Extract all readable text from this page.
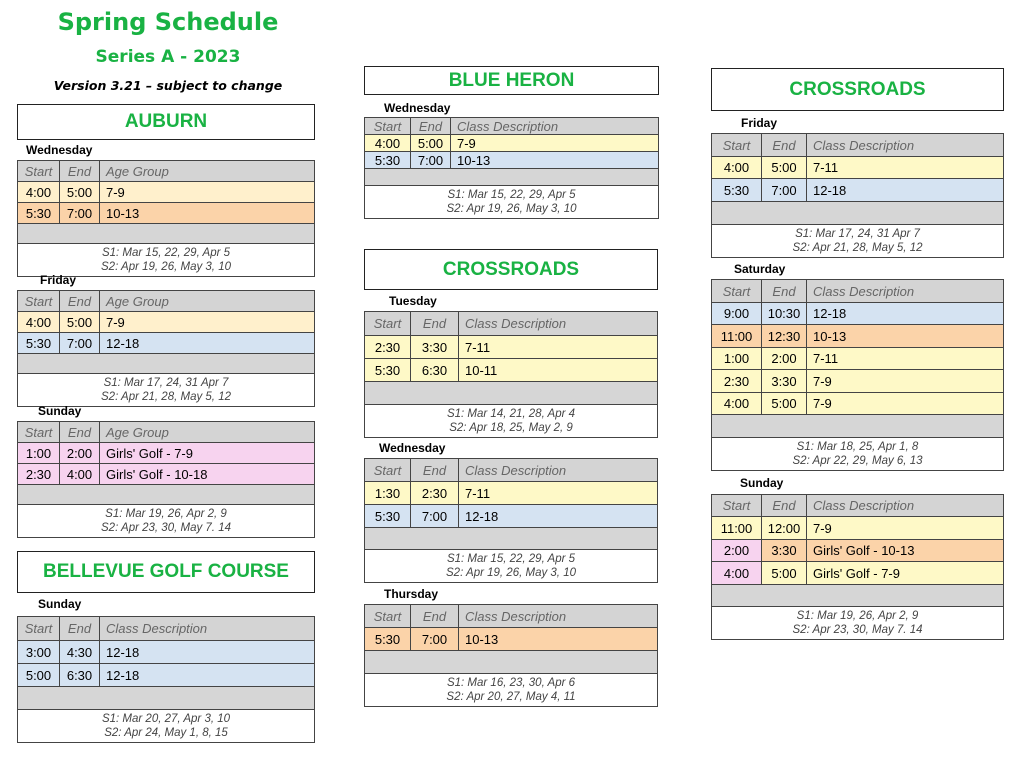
Spring Schedule
Series A - 2023
Version 3.21 – subject to change
AUBURN
Wednesday
Start	End	Age Group
4:00	5:00	7-9
5:30	7:00	10-13

S1: Mar 15, 22, 29, Apr 5
S2: Apr 19, 26, May 3, 10		
Friday
Start	End	Age Group
4:00	5:00	7-9
5:30	7:00	12-18

S1: Mar 17, 24, 31 Apr 7
S2: Apr 21, 28, May 5, 12		
Sunday
Start	End	Age Group
1:00	2:00	Girls' Golf - 7-9
2:30	4:00	Girls' Golf - 10-18

S1: Mar 19, 26, Apr 2, 9
S2: Apr 23, 30, May 7. 14		
BELLEVUE GOLF COURSE
Sunday
Start	End	Class Description
3:00	4:30	12-18
5:00	6:30	12-18

S1: Mar 20, 27, Apr 3, 10
S2: Apr 24, May 1, 8, 15		
BLUE HERON
Wednesday
Start	End	Class Description
4:00	5:00	7-9
5:30	7:00	10-13

S1: Mar 15, 22, 29, Apr 5
S2: Apr 19, 26, May 3, 10		
CROSSROADS
Tuesday
Start	End	Class Description
2:30	3:30	7-11
5:30	6:30	10-11

S1: Mar 14, 21, 28, Apr 4
S2: Apr 18, 25, May 2, 9		
Wednesday
Start	End	Class Description
1:30	2:30	7-11
5:30	7:00	12-18

S1: Mar 15, 22, 29, Apr 5
S2: Apr 19, 26, May 3, 10		
Thursday
Start	End	Class Description
5:30	7:00	10-13

S1: Mar 16, 23, 30, Apr 6
S2: Apr 20, 27, May 4, 11		
CROSSROADS
Friday
Start	End	Class Description
4:00	5:00	7-11
5:30	7:00	12-18

S1: Mar 17, 24, 31 Apr 7
S2: Apr 21, 28, May 5, 12		
Saturday
Start	End	Class Description
9:00	10:30	12-18
11:00	12:30	10-13
1:00	2:00	7-11
2:30	3:30	7-9
4:00	5:00	7-9

S1: Mar 18, 25, Apr 1, 8
S2: Apr 22, 29, May 6, 13		
Sunday
Start	End	Class Description
11:00	12:00	7-9
2:00	3:30	Girls' Golf - 10-13
4:00	5:00	Girls' Golf - 7-9

S1: Mar 19, 26, Apr 2, 9
S2: Apr 23, 30, May 7. 14		
